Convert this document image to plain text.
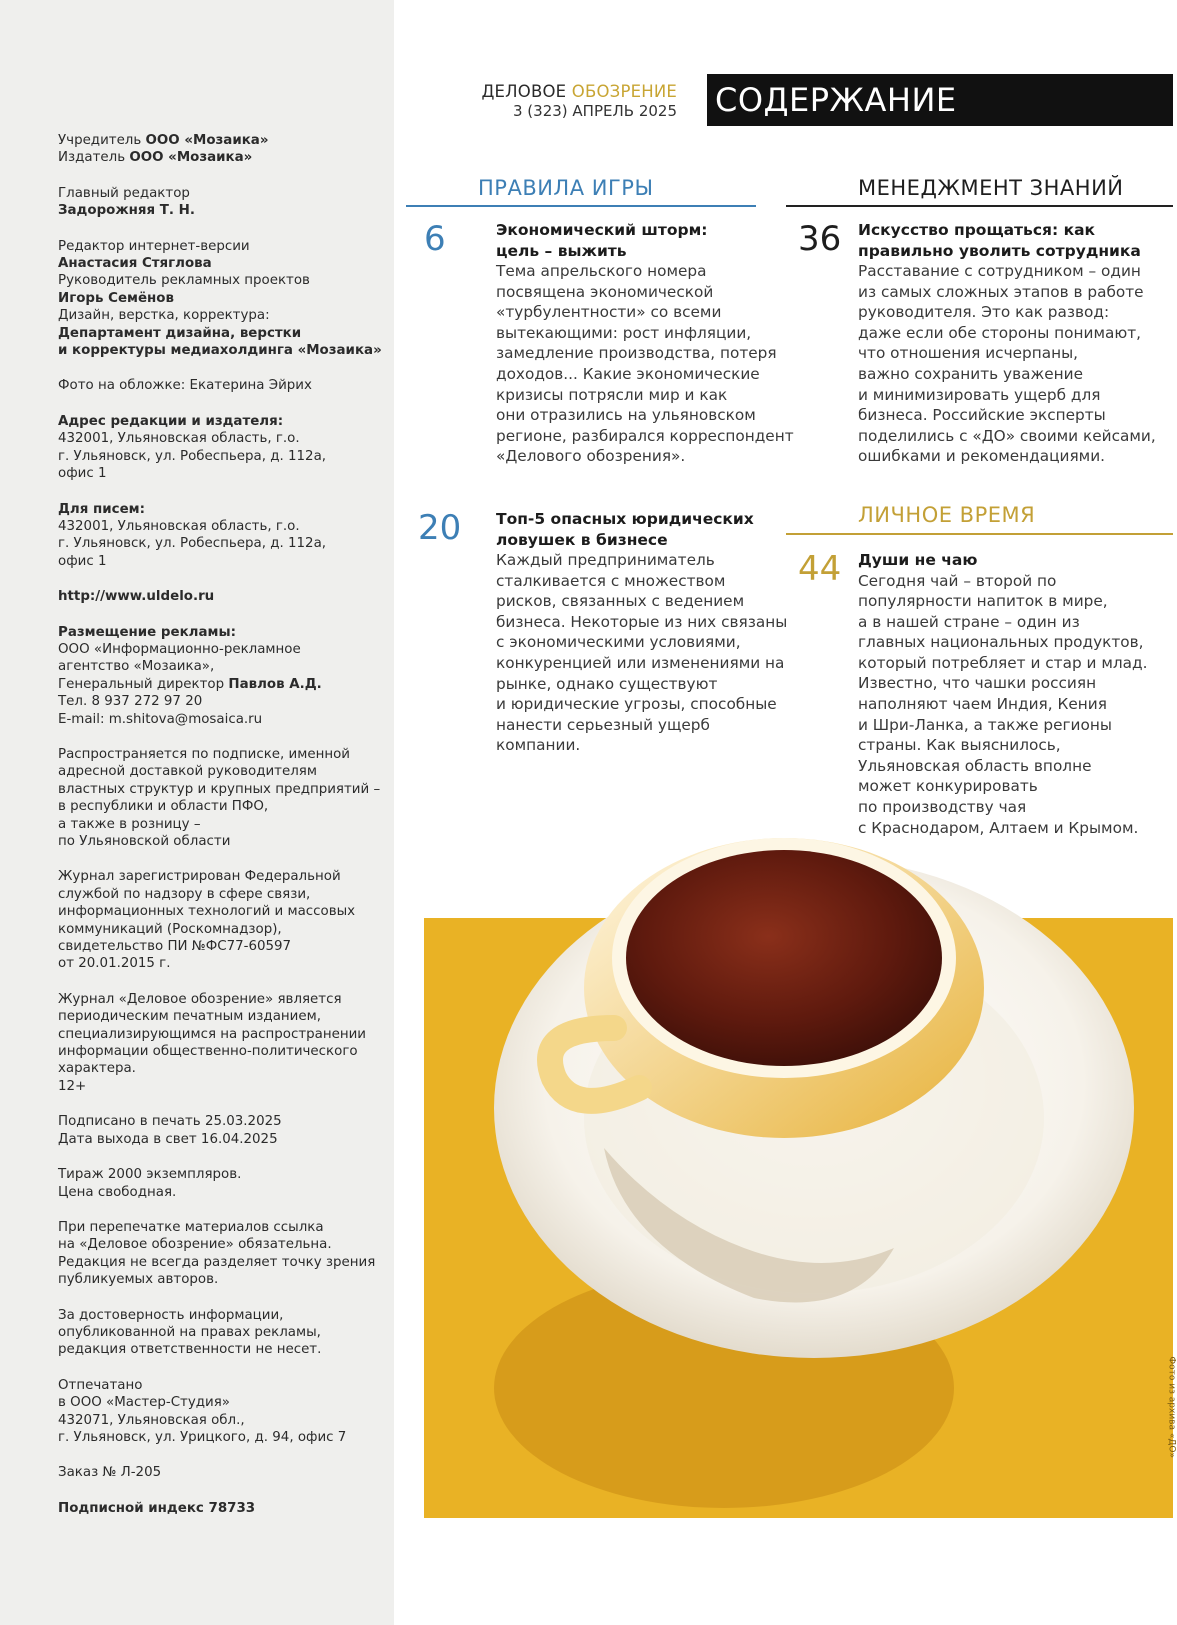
Учредитель ООО «Мозаика»
Издатель ООО «Мозаика»
Главный редактор
Задорожняя Т. Н.
Редактор интернет-версии
Анастасия Стяглова
Руководитель рекламных проектов
Игорь Семёнов
Дизайн, верстка, корректура:
Департамент дизайна, верстки
и корректуры медиахолдинга «Мозаика»
Фото на обложке: Екатерина Эйрих
Адрес редакции и издателя:
432001, Ульяновская область, г.о.
г. Ульяновск, ул. Робеспьера, д. 112а,
офис 1
Для писем:
432001, Ульяновская область, г.о.
г. Ульяновск, ул. Робеспьера, д. 112а,
офис 1
http://www.uldelo.ru
Размещение рекламы:
ООО «Информационно-рекламное
агентство «Мозаика»,
Генеральный директор Павлов А.Д.
Тел. 8 937 272 97 20
E-mail: m.shitova@mosaica.ru
Распространяется по подписке, именной
адресной доставкой руководителям
властных структур и крупных предприятий –
в республики и области ПФО,
а также в розницу –
по Ульяновской области
Журнал зарегистрирован Федеральной
службой по надзору в сфере связи,
информационных технологий и массовых
коммуникаций (Роскомнадзор),
свидетельство ПИ №ФС77-60597
от 20.01.2015 г.
Журнал «Деловое обозрение» является
периодическим печатным изданием,
специализирующимся на распространении
информации общественно-политического
характера.
12+
Подписано в печать 25.03.2025
Дата выхода в свет 16.04.2025
Тираж 2000 экземпляров.
Цена свободная.
При перепечатке материалов ссылка
на «Деловое обозрение» обязательна.
Редакция не всегда разделяет точку зрения
публикуемых авторов.
За достоверность информации,
опубликованной на правах рекламы,
редакция ответственности не несет.
Отпечатано
в ООО «Мастер-Студия»
432071, Ульяновская обл.,
г. Ульяновск, ул. Урицкого, д. 94, офис 7
Заказ № Л-205
Подписной индекс 78733
ДЕЛОВОЕ ОБОЗРЕНИЕ
3 (323) АПРЕЛЬ 2025 СОДЕРЖАНИЕ
ПРАВИЛА ИГРЫ	МЕНЕДЖМЕНТ ЗНАНИЙ
ЛИЧНОЕ ВРЕМЯ
6	Экономический шторм:
цель – выжить
Тема апрельского номера
посвящена экономической
«турбулентности» со всеми
вытекающими: рост инфляции,
замедление производства, потеря
доходов... Какие экономические
кризисы потрясли мир и как
они отразились на ульяновском
регионе, разбирался корреспондент
«Делового обозрения».
20 Топ-5 опасных юридических
ловушек в бизнесе
Каждый предприниматель
сталкивается с множеством
рисков, связанных с ведением
бизнеса. Некоторые из них связаны
с экономическими условиями,
конкуренцией или изменениями на
рынке, однако существуют
и юридические угрозы, способные
нанести серьезный ущерб
компании.
36 Искусство прощаться: как
правильно уволить сотрудника
Расставание с сотрудником – один
из самых сложных этапов в работе
руководителя. Это как развод:
даже если обе стороны понимают,
что отношения исчерпаны,
важно сохранить уважение
и минимизировать ущерб для
бизнеса. Российские эксперты
поделились с «ДО» своими кейсами,
ошибками и рекомендациями.
44 Души не чаю
Сегодня чай – второй по
популярности напиток в мире,
а в нашей стране – один из
главных национальных продуктов,
который потребляет и стар и млад.
Известно, что чашки россиян
наполняют чаем Индия, Кения
и Шри-Ланка, а также регионы
страны. Как выяснилось,
Ульяновская область вполне
может конкурировать
по производству чая
с Краснодаром, Алтаем и Крымом.
Фото из архива «ДО»
